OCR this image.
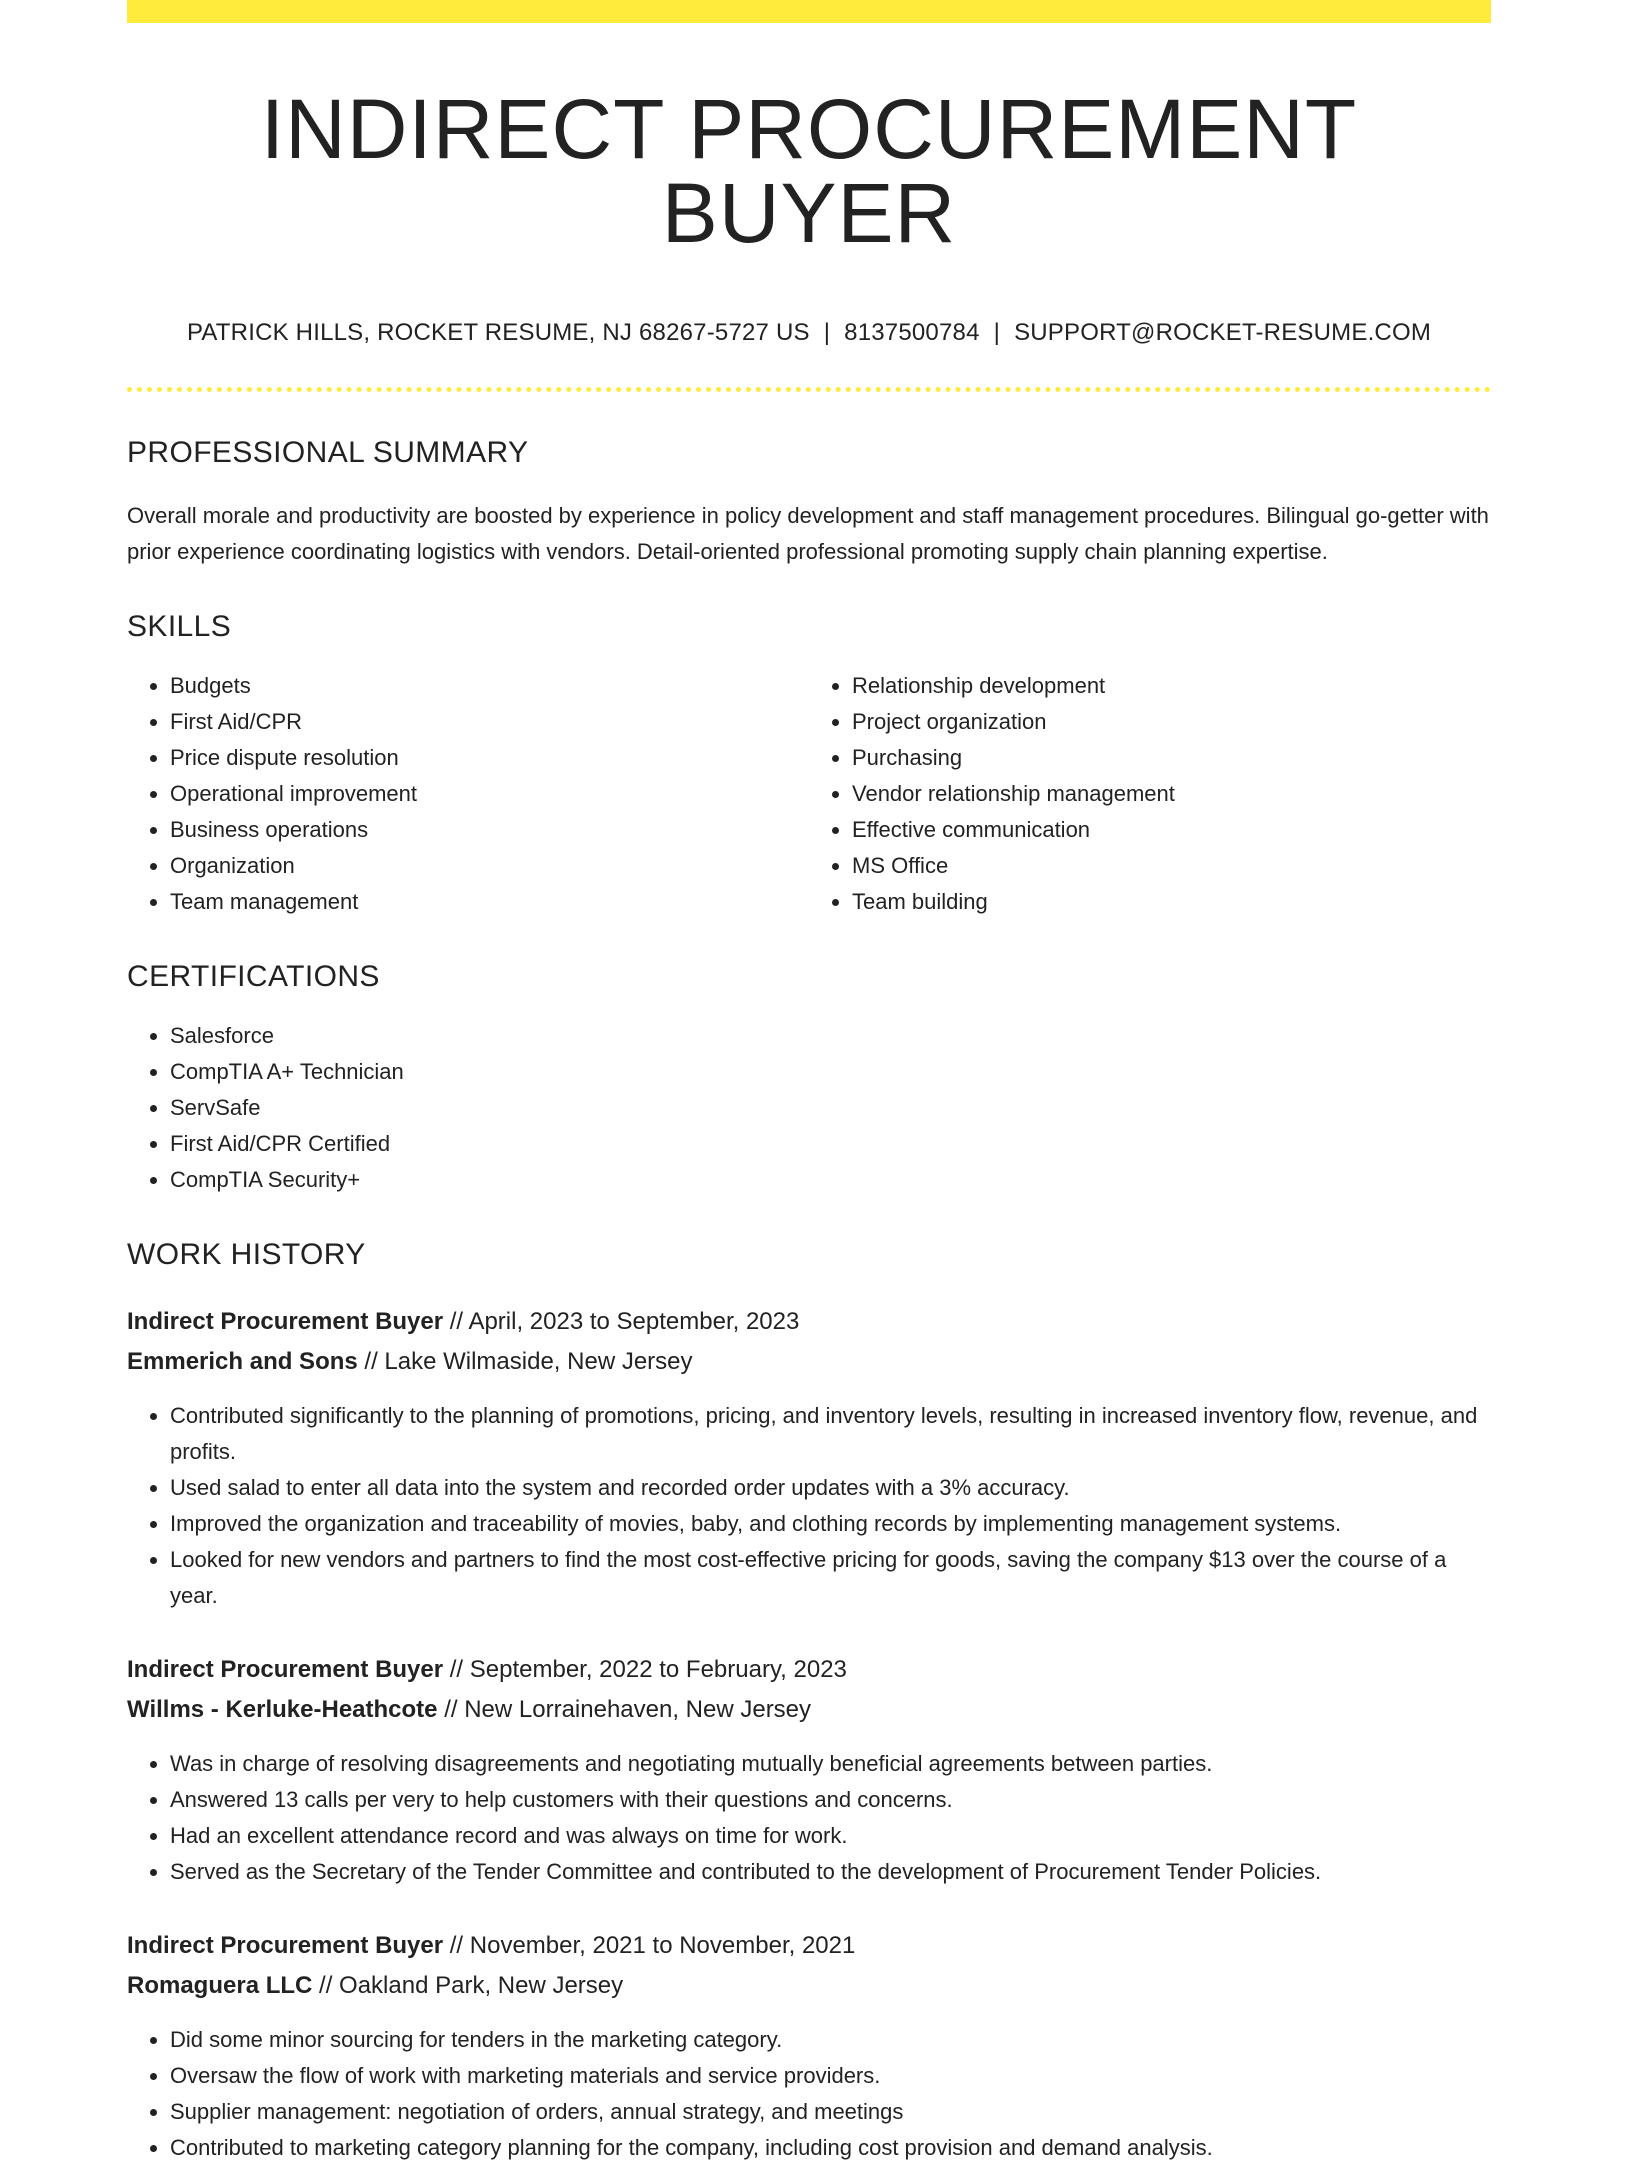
INDIRECT PROCUREMENT BUYER
PATRICK HILLS, ROCKET RESUME, NJ 68267-5727 US | 8137500784 | SUPPORT@ROCKET-RESUME.COM
PROFESSIONAL SUMMARY

Overall morale and productivity are boosted by experience in policy development and staff management procedures. Bilingual go-getter with prior experience coordinating logistics with vendors. Detail-oriented professional promoting supply chain planning expertise.

SKILLS
• Budgets
• First Aid/CPR
• Price dispute resolution
• Operational improvement
• Business operations
• Organization
• Team management
• Relationship development
• Project organization
• Purchasing
• Vendor relationship management
• Effective communication
• MS Office
• Team building
CERTIFICATIONS
• Salesforce
• CompTIA A+ Technician
• ServSafe
• First Aid/CPR Certified
• CompTIA Security+
WORK HISTORY
Indirect Procurement Buyer // April, 2023 to September, 2023
Emmerich and Sons // Lake Wilmaside, New Jersey
• Contributed significantly to the planning of promotions, pricing, and inventory levels, resulting in increased inventory flow, revenue, and profits.
• Used salad to enter all data into the system and recorded order updates with a 3% accuracy.
• Improved the organization and traceability of movies, baby, and clothing records by implementing management systems.
• Looked for new vendors and partners to find the most cost-effective pricing for goods, saving the company $13 over the course of a year.
Indirect Procurement Buyer // September, 2022 to February, 2023
Willms - Kerluke-Heathcote // New Lorrainehaven, New Jersey
• Was in charge of resolving disagreements and negotiating mutually beneficial agreements between parties.
• Answered 13 calls per very to help customers with their questions and concerns.
• Had an excellent attendance record and was always on time for work.
• Served as the Secretary of the Tender Committee and contributed to the development of Procurement Tender Policies.
Indirect Procurement Buyer // November, 2021 to November, 2021
Romaguera LLC // Oakland Park, New Jersey
• Did some minor sourcing for tenders in the marketing category.
• Oversaw the flow of work with marketing materials and service providers.
• Supplier management: negotiation of orders, annual strategy, and meetings
• Contributed to marketing category planning for the company, including cost provision and demand analysis.
